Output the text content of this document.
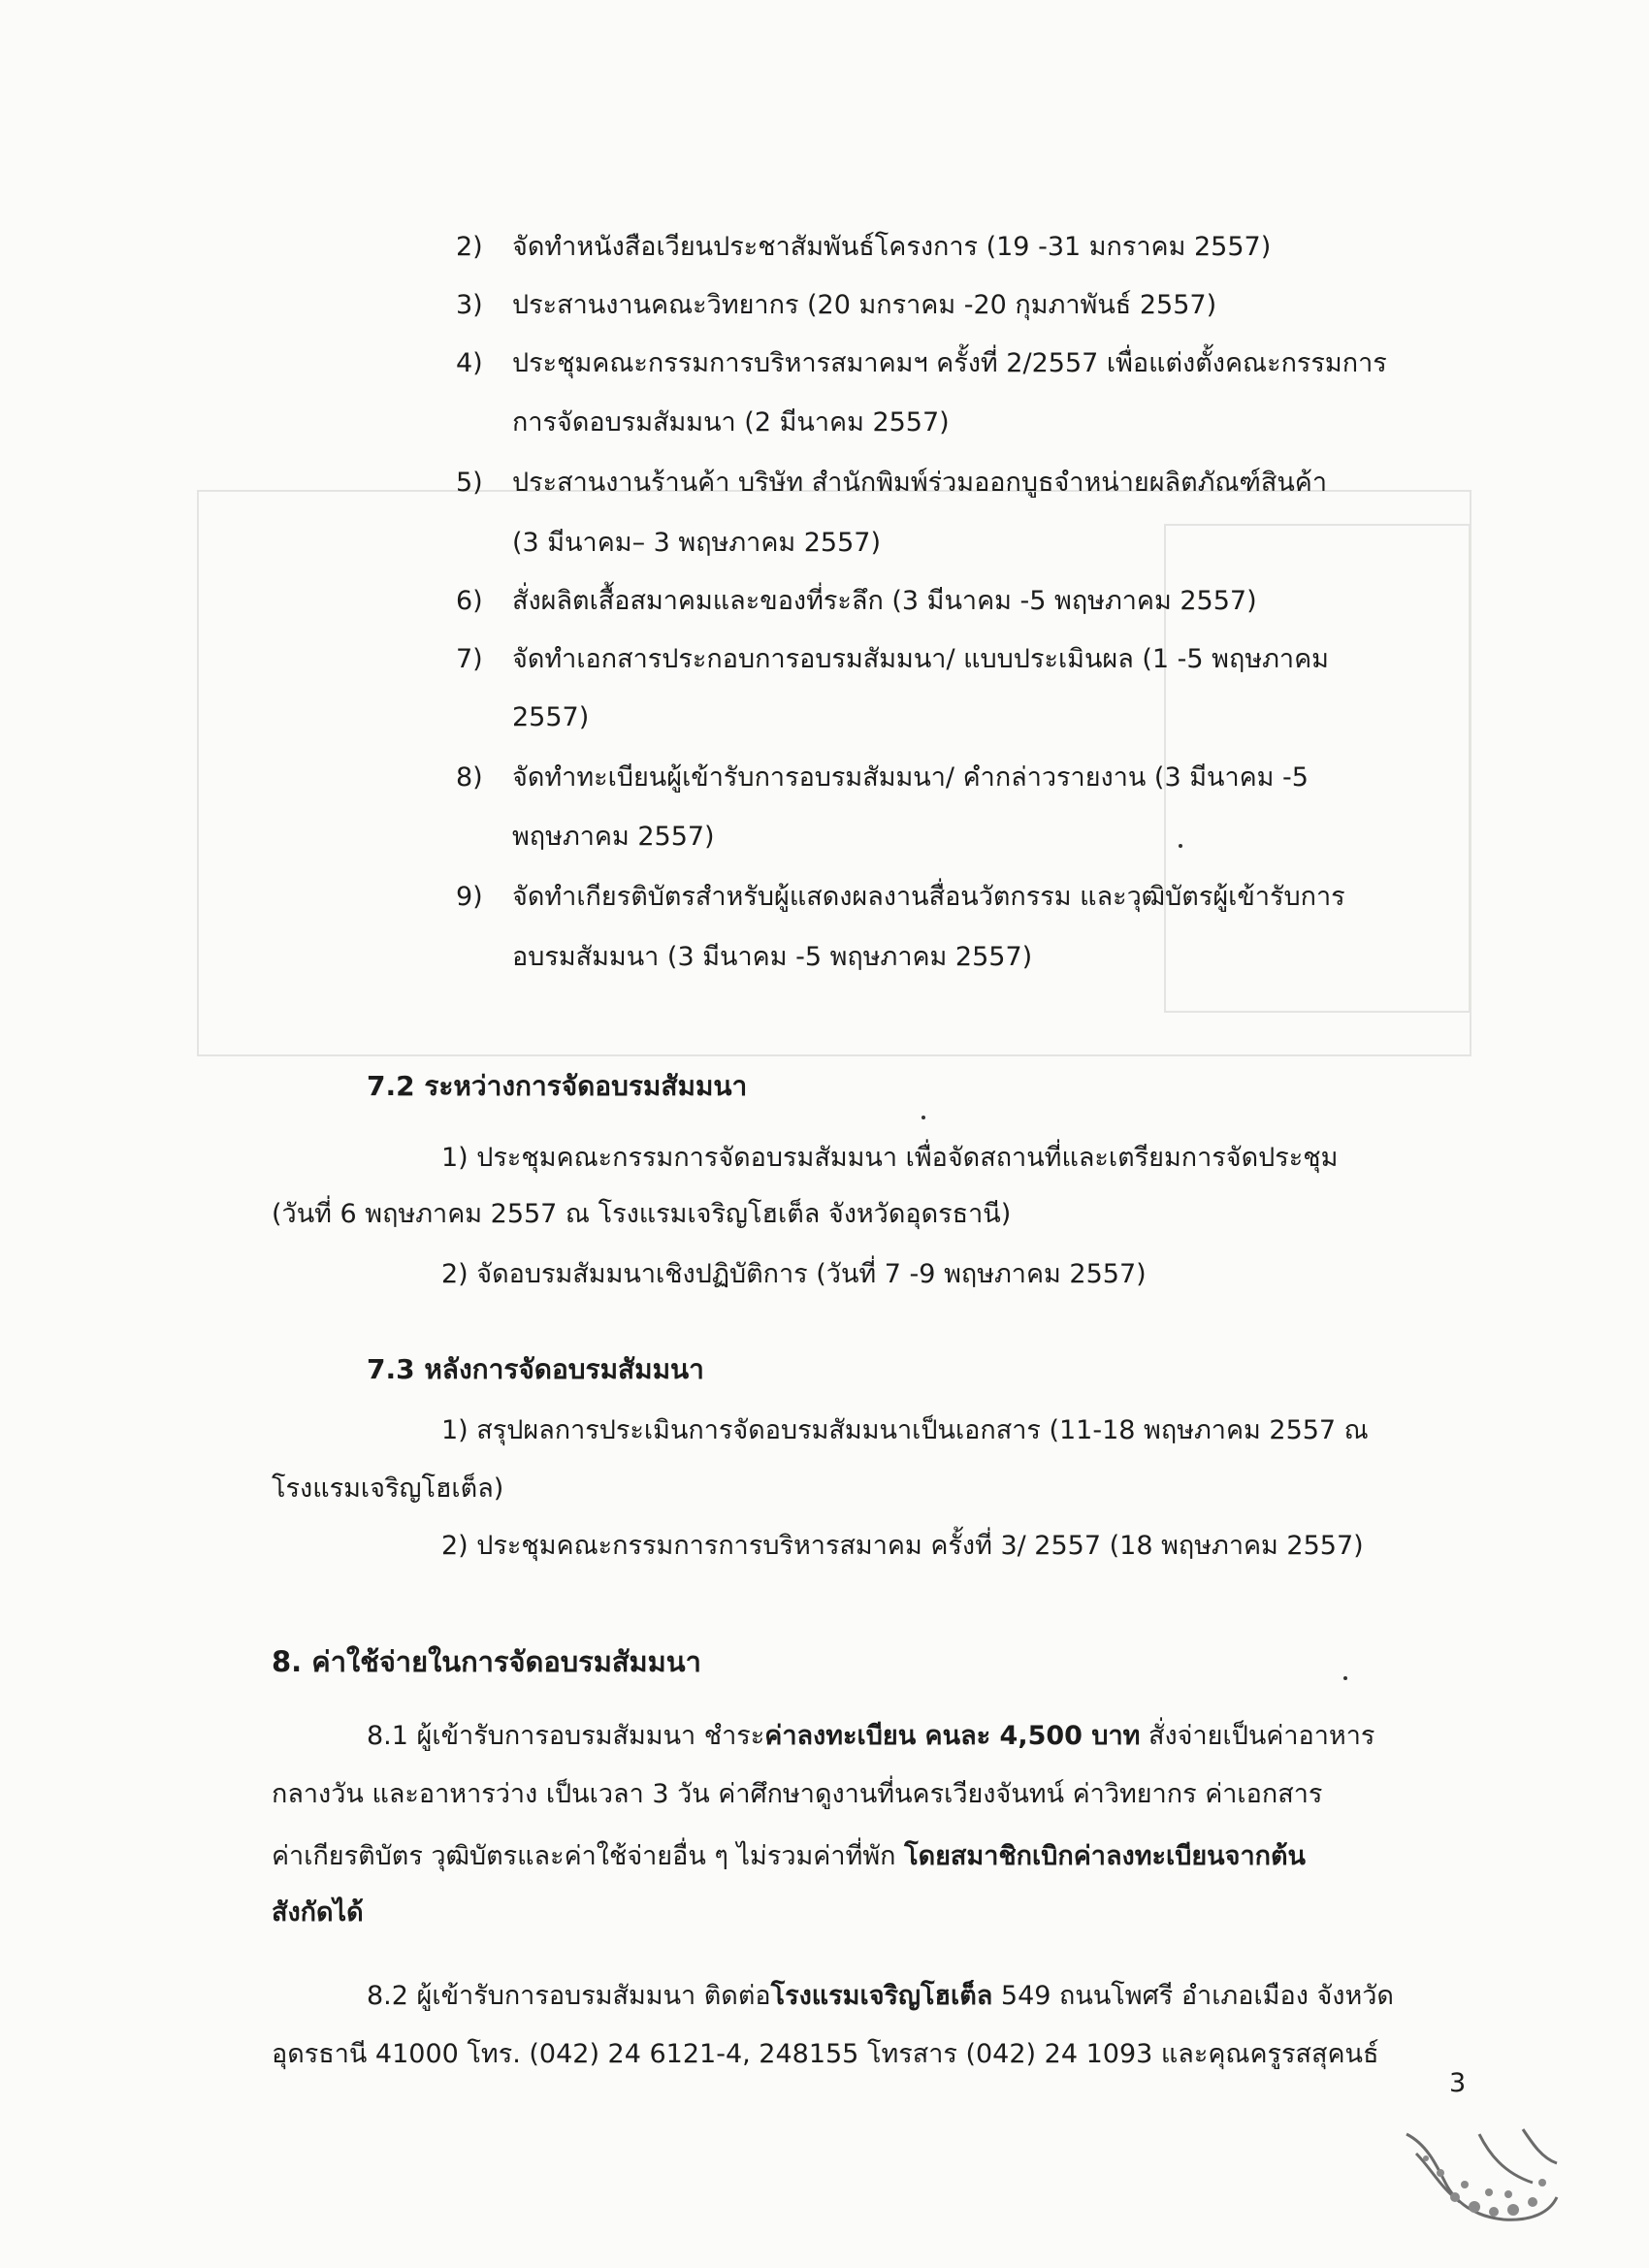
2) จัดทำหนังสือเวียนประชาสัมพันธ์โครงการ (19 -31 มกราคม 2557)
3) ประสานงานคณะวิทยากร (20 มกราคม -20 กุมภาพันธ์ 2557)
4) ประชุมคณะกรรมการบริหารสมาคมฯ ครั้งที่ 2/2557 เพื่อแต่งตั้งคณะกรรมการ
การจัดอบรมสัมมนา (2 มีนาคม 2557)
5) ประสานงานร้านค้า บริษัท สำนักพิมพ์ร่วมออกบูธจำหน่ายผลิตภัณฑ์สินค้า
(3 มีนาคม– 3 พฤษภาคม 2557)
6) สั่งผลิตเสื้อสมาคมและของที่ระลึก (3 มีนาคม -5 พฤษภาคม 2557)
7) จัดทำเอกสารประกอบการอบรมสัมมนา/ แบบประเมินผล (1 -5 พฤษภาคม
2557)
8) จัดทำทะเบียนผู้เข้ารับการอบรมสัมมนา/ คำกล่าวรายงาน (3 มีนาคม -5
พฤษภาคม 2557)
9) จัดทำเกียรติบัตรสำหรับผู้แสดงผลงานสื่อนวัตกรรม และวุฒิบัตรผู้เข้ารับการ
อบรมสัมมนา (3 มีนาคม -5 พฤษภาคม 2557)
7.2 ระหว่างการจัดอบรมสัมมนา
1) ประชุมคณะกรรมการจัดอบรมสัมมนา เพื่อจัดสถานที่และเตรียมการจัดประชุม
(วันที่ 6 พฤษภาคม 2557 ณ โรงแรมเจริญโฮเต็ล จังหวัดอุดรธานี)
2) จัดอบรมสัมมนาเชิงปฏิบัติการ (วันที่ 7 -9 พฤษภาคม 2557)
7.3 หลังการจัดอบรมสัมมนา
1) สรุปผลการประเมินการจัดอบรมสัมมนาเป็นเอกสาร (11-18 พฤษภาคม 2557 ณ
โรงแรมเจริญโฮเต็ล)
2) ประชุมคณะกรรมการการบริหารสมาคม ครั้งที่ 3/ 2557 (18 พฤษภาคม 2557)
8. ค่าใช้จ่ายในการจัดอบรมสัมมนา
8.1 ผู้เข้ารับการอบรมสัมมนา ชำระค่าลงทะเบียน คนละ 4,500 บาท สั่งจ่ายเป็นค่าอาหาร
กลางวัน และอาหารว่าง เป็นเวลา 3 วัน ค่าศึกษาดูงานที่นครเวียงจันทน์ ค่าวิทยากร ค่าเอกสาร
ค่าเกียรติบัตร วุฒิบัตรและค่าใช้จ่ายอื่น ๆ ไม่รวมค่าที่พัก โดยสมาชิกเบิกค่าลงทะเบียนจากต้น
สังกัดได้
8.2 ผู้เข้ารับการอบรมสัมมนา ติดต่อโรงแรมเจริญโฮเต็ล 549 ถนนโพศรี อำเภอเมือง จังหวัด
อุดรธานี 41000 โทร. (042) 24 6121-4, 248155 โทรสาร (042) 24 1093 และคุณครูรสสุคนธ์
3
